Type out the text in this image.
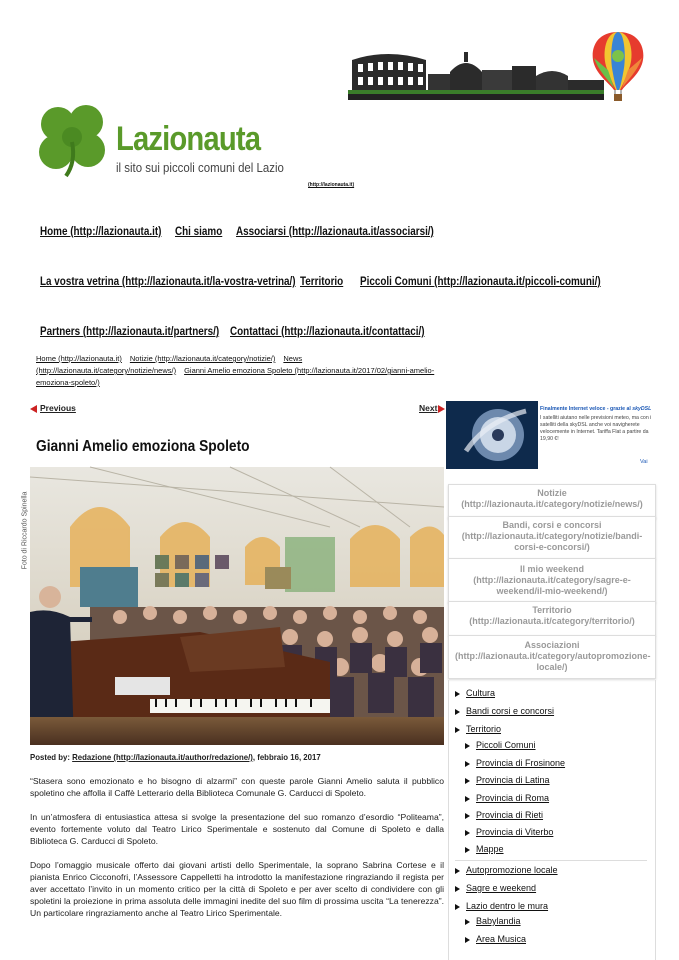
Lazionauta
il sito sui piccoli comuni del Lazio
(http://lazionauta.it)
Home (http://lazionauta.it) Chi siamo Associarsi (http://lazionauta.it/associarsi/)
La vostra vetrina (http://lazionauta.it/la-vostra-vetrina/) Territorio Piccoli Comuni (http://lazionauta.it/piccoli-comuni/)
Partners (http://lazionauta.it/partners/) Contattaci (http://lazionauta.it/contattaci/)
Home (http://lazionauta.it) Notizie (http://lazionauta.it/category/notizie/) News
(http://lazionauta.it/category/notizie/news/) Gianni Amelio emoziona Spoleto (http://lazionauta.it/2017/02/gianni-amelio-
emoziona-spoleto/)
Previous	Next
Gianni Amelio emoziona Spoleto
Foto di Riccardo Spinella
Posted by: Redazione (http://lazionauta.it/author/redazione/), febbraio 16, 2017

“Stasera sono emozionato e ho bisogno di alzarmi” con queste parole Gianni Amelio saluta il pubblico spoletino che affolla il Caffè Letterario della Biblioteca Comunale G. Carducci di Spoleto.

In un’atmosfera di entusiastica attesa si svolge la presentazione del suo romanzo d’esordio “Politeama”, evento fortemente voluto dal Teatro Lirico Sperimentale e sostenuto dal Comune di Spoleto e dalla Biblioteca G. Carducci di Spoleto.

Dopo l’omaggio musicale offerto dai giovani artisti dello Sperimentale, la soprano Sabrina Cortese e il pianista Enrico Cicconofri, l’Assessore Cappelletti ha introdotto la manifestazione ringraziando il regista per aver accettato l’invito in un momento critico per la città di Spoleto e per aver scelto di condividere con gli spoletini la proiezione in prima assoluta delle immagini inedite del suo film di prossima uscita “La tenerezza”. Un particolare ringraziamento anche al Teatro Lirico Sperimentale.

Finalmente Internet veloce - grazie al skyDSL
I satelliti aiutano nelle previsioni meteo, ma con i satelliti della skyDSL anche voi navigherete velocemente in Internet. Tariffa Flat a partire da 19,90 €!
Vai
Notizie (http://lazionauta.it/category/notizie/news/)
Bandi, corsi e concorsi (http://lazionauta.it/category/notizie/bandi-corsi-e-concorsi/)
Il mio weekend (http://lazionauta.it/category/sagre-e-weekend/il-mio-weekend/)
Territorio (http://lazionauta.it/category/territorio/)
Associazioni (http://lazionauta.it/category/autopromozione-locale/)
Cultura
Bandi corsi e concorsi
Territorio
Piccoli Comuni
Provincia di Frosinone
Provincia di Latina
Provincia di Roma
Provincia di Rieti
Provincia di Viterbo
Mappe
Autopromozione locale
Sagre e weekend
Lazio dentro le mura
Babylandia
Area Musica
